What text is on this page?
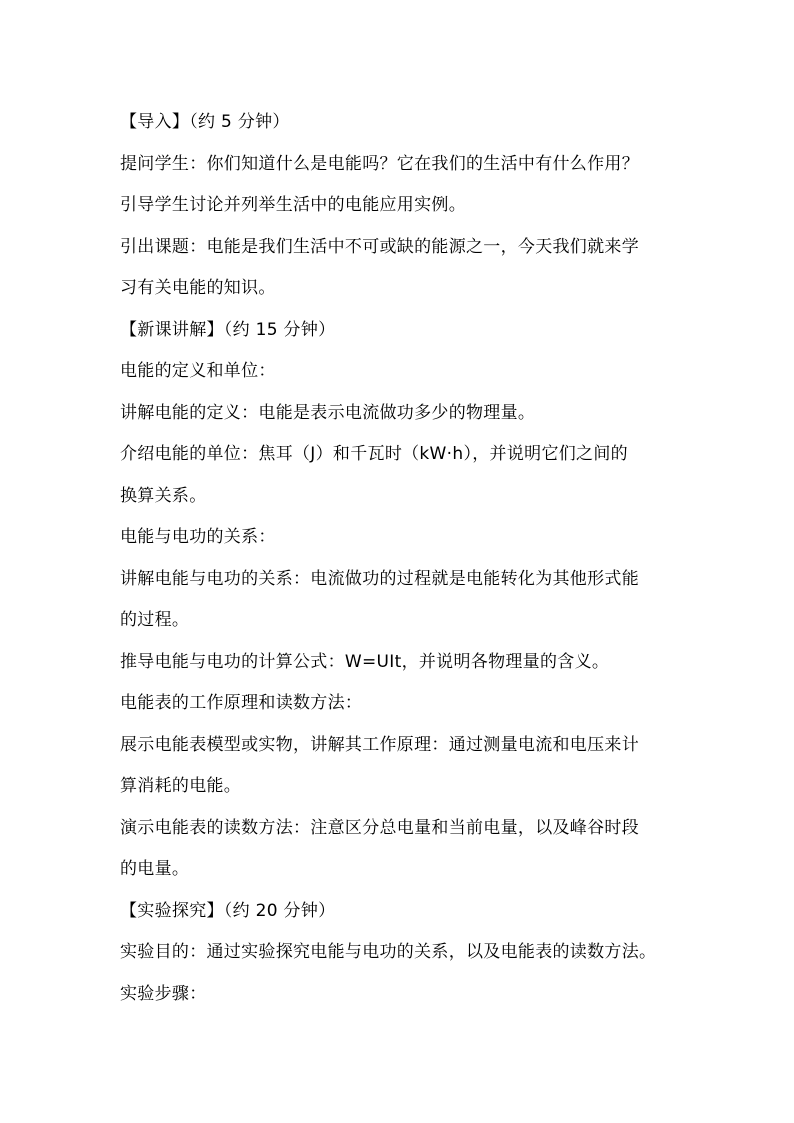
【导入】（约 5 分钟）
提问学生：你们知道什么是电能吗？它在我们的生活中有什么作用？
引导学生讨论并列举生活中的电能应用实例。
引出课题：电能是我们生活中不可或缺的能源之一，今天我们就来学
习有关电能的知识。
【新课讲解】（约 15 分钟）
电能的定义和单位：
讲解电能的定义：电能是表示电流做功多少的物理量。
介绍电能的单位：焦耳（J）和千瓦时（kW·h），并说明它们之间的
换算关系。
电能与电功的关系：
讲解电能与电功的关系：电流做功的过程就是电能转化为其他形式能
的过程。
推导电能与电功的计算公式：W=UIt，并说明各物理量的含义。
电能表的工作原理和读数方法：
展示电能表模型或实物，讲解其工作原理：通过测量电流和电压来计
算消耗的电能。
演示电能表的读数方法：注意区分总电量和当前电量，以及峰谷时段
的电量。
【实验探究】（约 20 分钟）
实验目的：通过实验探究电能与电功的关系，以及电能表的读数方法。
实验步骤：
